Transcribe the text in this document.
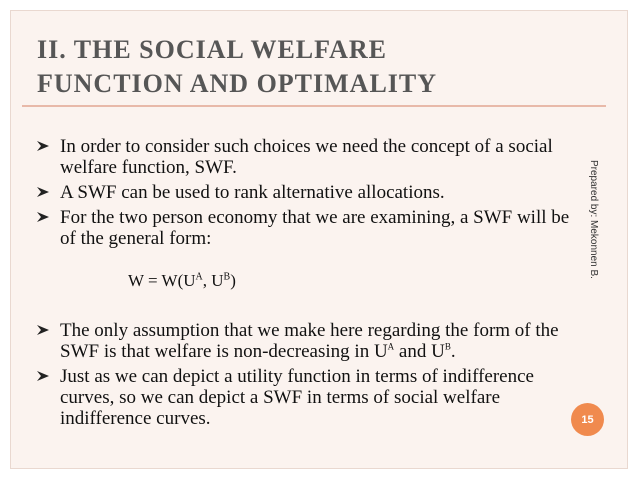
II. THE SOCIAL WELFARE
FUNCTION AND OPTIMALITY
In order to consider such choices we need the concept of a social welfare function, SWF.
A SWF can be used to rank alternative allocations.
For the two person economy that we are examining, a SWF will be of the general form:
$W = W(U^A$, $U^B$)
The only assumption that we make here regarding the form of the SWF is that welfare is non-decreasing in $U^A$ and $U^B$.
Just as we can depict a utility function in terms of indifference curves, so we can depict a SWF in terms of social welfare indifference curves.
Prepared by: Mekonnen B.
15
